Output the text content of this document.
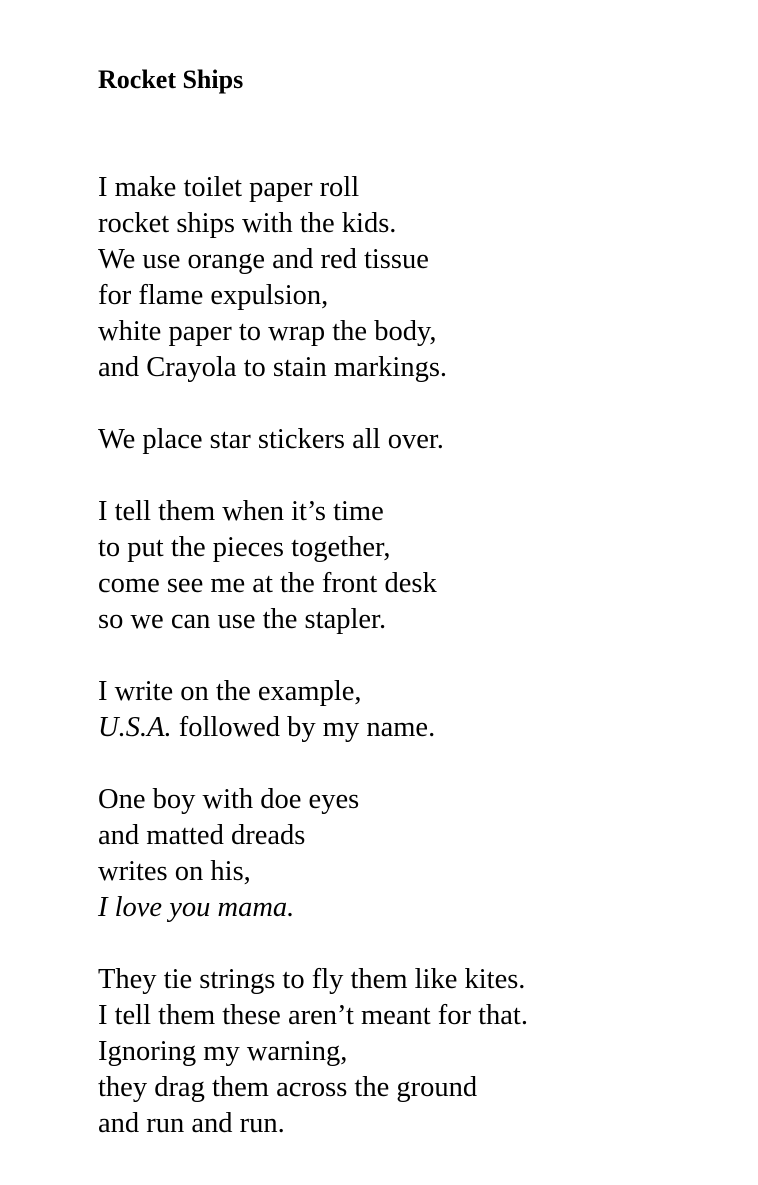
Rocket Ships
I make toilet paper roll
rocket ships with the kids.
We use orange and red tissue
for flame expulsion,
white paper to wrap the body,
and Crayola to stain markings.
We place star stickers all over.
I tell them when it’s time
to put the pieces together,
come see me at the front desk
so we can use the stapler.
I write on the example,
U.S.A. followed by my name.
One boy with doe eyes
and matted dreads
writes on his,
I love you mama.
They tie strings to fly them like kites.
I tell them these aren’t meant for that.
Ignoring my warning,
they drag them across the ground
and run and run.
